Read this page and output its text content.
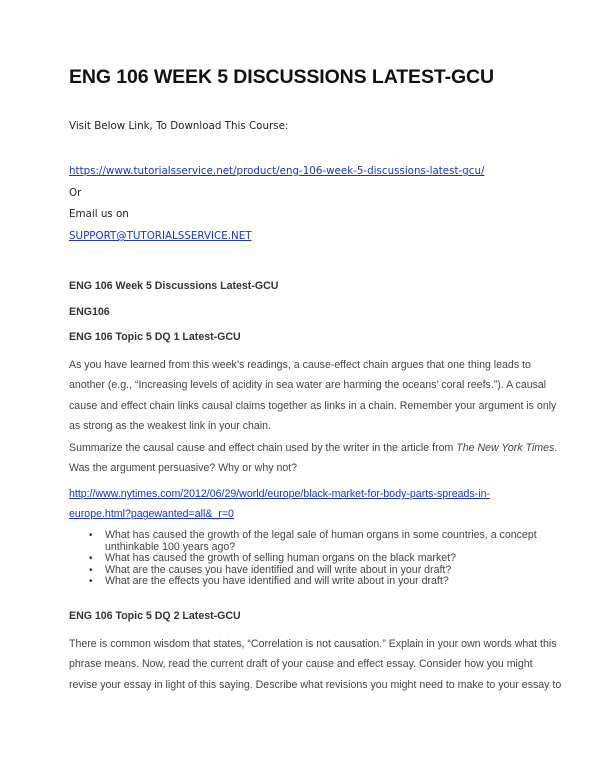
ENG 106 WEEK 5 DISCUSSIONS LATEST-GCU
Visit Below Link, To Download This Course:
https://www.tutorialsservice.net/product/eng-106-week-5-discussions-latest-gcu/
Or
Email us on
SUPPORT@TUTORIALSSERVICE.NET
ENG 106 Week 5 Discussions Latest-GCU
ENG106
ENG 106 Topic 5 DQ 1 Latest-GCU
As you have learned from this week’s readings, a cause-effect chain argues that one thing leads to
another (e.g., “Increasing levels of acidity in sea water are harming the oceans’ coral reefs.”). A causal
cause and effect chain links causal claims together as links in a chain. Remember your argument is only
as strong as the weakest link in your chain.
Summarize the causal cause and effect chain used by the writer in the article from The New York Times.
Was the argument persuasive? Why or why not?
http://www.nytimes.com/2012/06/29/world/europe/black-market-for-body-parts-spreads-in-
europe.html?pagewanted=all&_r=0
• What has caused the growth of the legal sale of human organs in some countries, a concept
unthinkable 100 years ago?
• What has caused the growth of selling human organs on the black market?
• What are the causes you have identified and will write about in your draft?
• What are the effects you have identified and will write about in your draft?
ENG 106 Topic 5 DQ 2 Latest-GCU
There is common wisdom that states, “Correlation is not causation.” Explain in your own words what this
phrase means. Now, read the current draft of your cause and effect essay. Consider how you might
revise your essay in light of this saying. Describe what revisions you might need to make to your essay to
